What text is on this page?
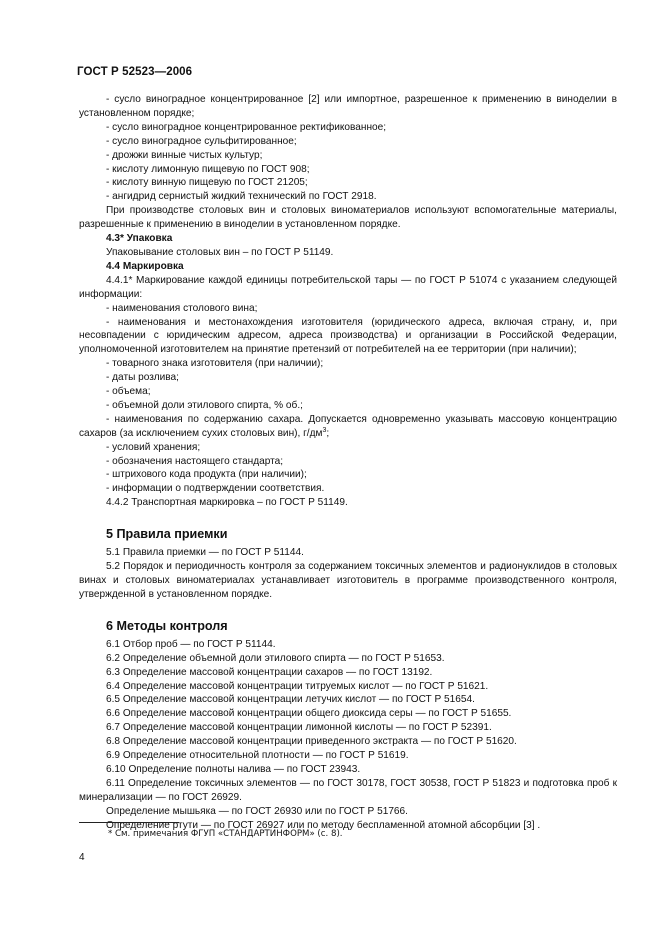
ГОСТ Р 52523—2006

- сусло виноградное концентрированное [2] или импортное, разрешенное к применению в виноделии в установленном порядке;

- сусло виноградное концентрированное ректификованное;

- сусло виноградное сульфитированное;

- дрожжи винные чистых культур;

- кислоту лимонную пищевую по ГОСТ 908;

- кислоту винную пищевую по ГОСТ 21205;

- ангидрид сернистый жидкий технический по ГОСТ 2918.

При производстве столовых вин и столовых виноматериалов используют вспомогательные материалы, разрешенные к применению в виноделии в установленном порядке.

4.3* Упаковка

Упаковывание столовых вин – по ГОСТ Р 51149.

4.4 Маркировка

4.4.1* Маркирование каждой единицы потребительской тары — по ГОСТ Р 51074 с указанием следующей информации:

- наименования столового вина;

- наименования и местонахождения изготовителя (юридического адреса, включая страну, и, при несовпадении с юридическим адресом, адреса производства) и организации в Российской Федерации, уполномоченной изготовителем на принятие претензий от потребителей на ее территории (при наличии);

- товарного знака изготовителя (при наличии);

- даты розлива;

- объема;

- объемной доли этилового спирта, % об.;

- наименования по содержанию сахара. Допускается одновременно указывать массовую концентрацию сахаров (за исключением сухих столовых вин), $г/дм^3$;

- условий хранения;

- обозначения настоящего стандарта;

- штрихового кода продукта (при наличии);

- информации о подтверждении соответствия.

4.4.2 Транспортная маркировка – по ГОСТ Р 51149.

5 Правила приемки

5.1 Правила приемки — по ГОСТ Р 51144.

5.2 Порядок и периодичность контроля за содержанием токсичных элементов и радионуклидов в столовых винах и столовых виноматериалах устанавливает изготовитель в программе производственного контроля, утвержденной в установленном порядке.

6 Методы контроля

6.1 Отбор проб — по ГОСТ Р 51144.

6.2 Определение объемной доли этилового спирта — по ГОСТ Р 51653.

6.3 Определение массовой концентрации сахаров — по ГОСТ 13192.

6.4 Определение массовой концентрации титруемых кислот — по ГОСТ Р 51621.

6.5 Определение массовой концентрации летучих кислот — по ГОСТ Р 51654.

6.6 Определение массовой концентрации общего диоксида серы — по ГОСТ Р 51655.

6.7 Определение массовой концентрации лимонной кислоты — по ГОСТ Р 52391.

6.8 Определение массовой концентрации приведенного экстракта — по ГОСТ Р 51620.

6.9 Определение относительной плотности — по ГОСТ Р 51619.

6.10 Определение полноты налива — по ГОСТ 23943.

6.11 Определение токсичных элементов — по ГОСТ 30178, ГОСТ 30538, ГОСТ Р 51823 и подготовка проб к минерализации — по ГОСТ 26929.

Определение мышьяка — по ГОСТ 26930 или по ГОСТ Р 51766.

Определение ртути — по ГОСТ 26927 или по методу беспламенной атомной абсорбции [3] .

* См. примечания ФГУП «СТАНДАРТИНФОРМ» (с. 8).
4
